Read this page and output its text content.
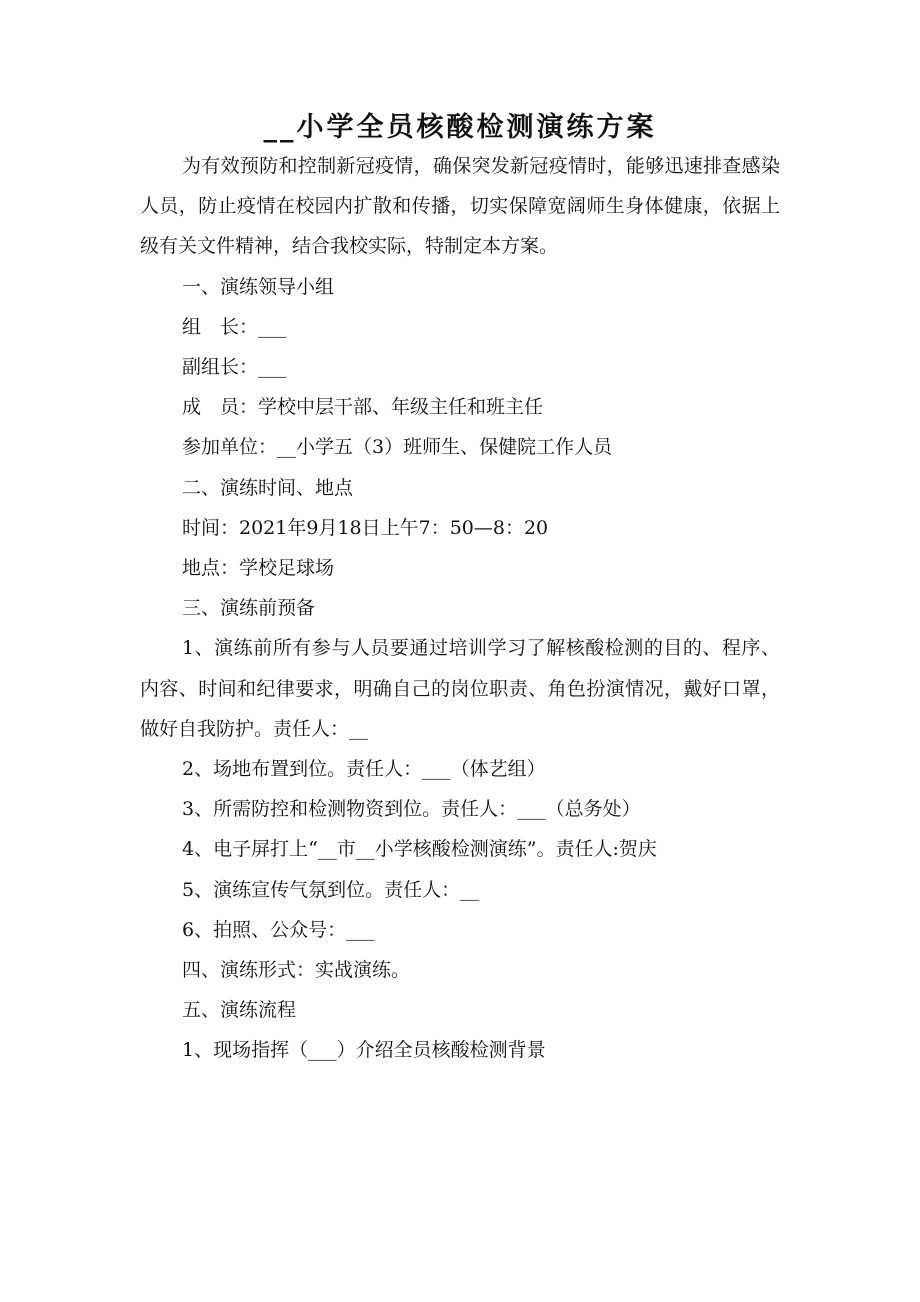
__小学全员核酸检测演练方案

为有效预防和控制新冠疫情，确保突发新冠疫情时，能够迅速排查感染人员，防止疫情在校园内扩散和传播，切实保障宽阔师生身体健康，依据上级有关文件精神，结合我校实际，特制定本方案。

一、演练领导小组

组　长：___

副组长：___

成　员：学校中层干部、年级主任和班主任

参加单位：__小学五（3）班师生、保健院工作人员

二、演练时间、地点

时间：2021年9月18日上午7：50—8：20

地点：学校足球场

三、演练前预备

1、演练前所有参与人员要通过培训学习了解核酸检测的目的、程序、内容、时间和纪律要求，明确自己的岗位职责、角色扮演情况，戴好口罩，做好自我防护。责任人：__

2、场地布置到位。责任人：___（体艺组）

3、所需防控和检测物资到位。责任人：___（总务处）

4、电子屏打上“__市__小学核酸检测演练”。责任人:贺庆

5、演练宣传气氛到位。责任人：__

6、拍照、公众号：___

四、演练形式：实战演练。

五、演练流程

1、现场指挥（___）介绍全员核酸检测背景
